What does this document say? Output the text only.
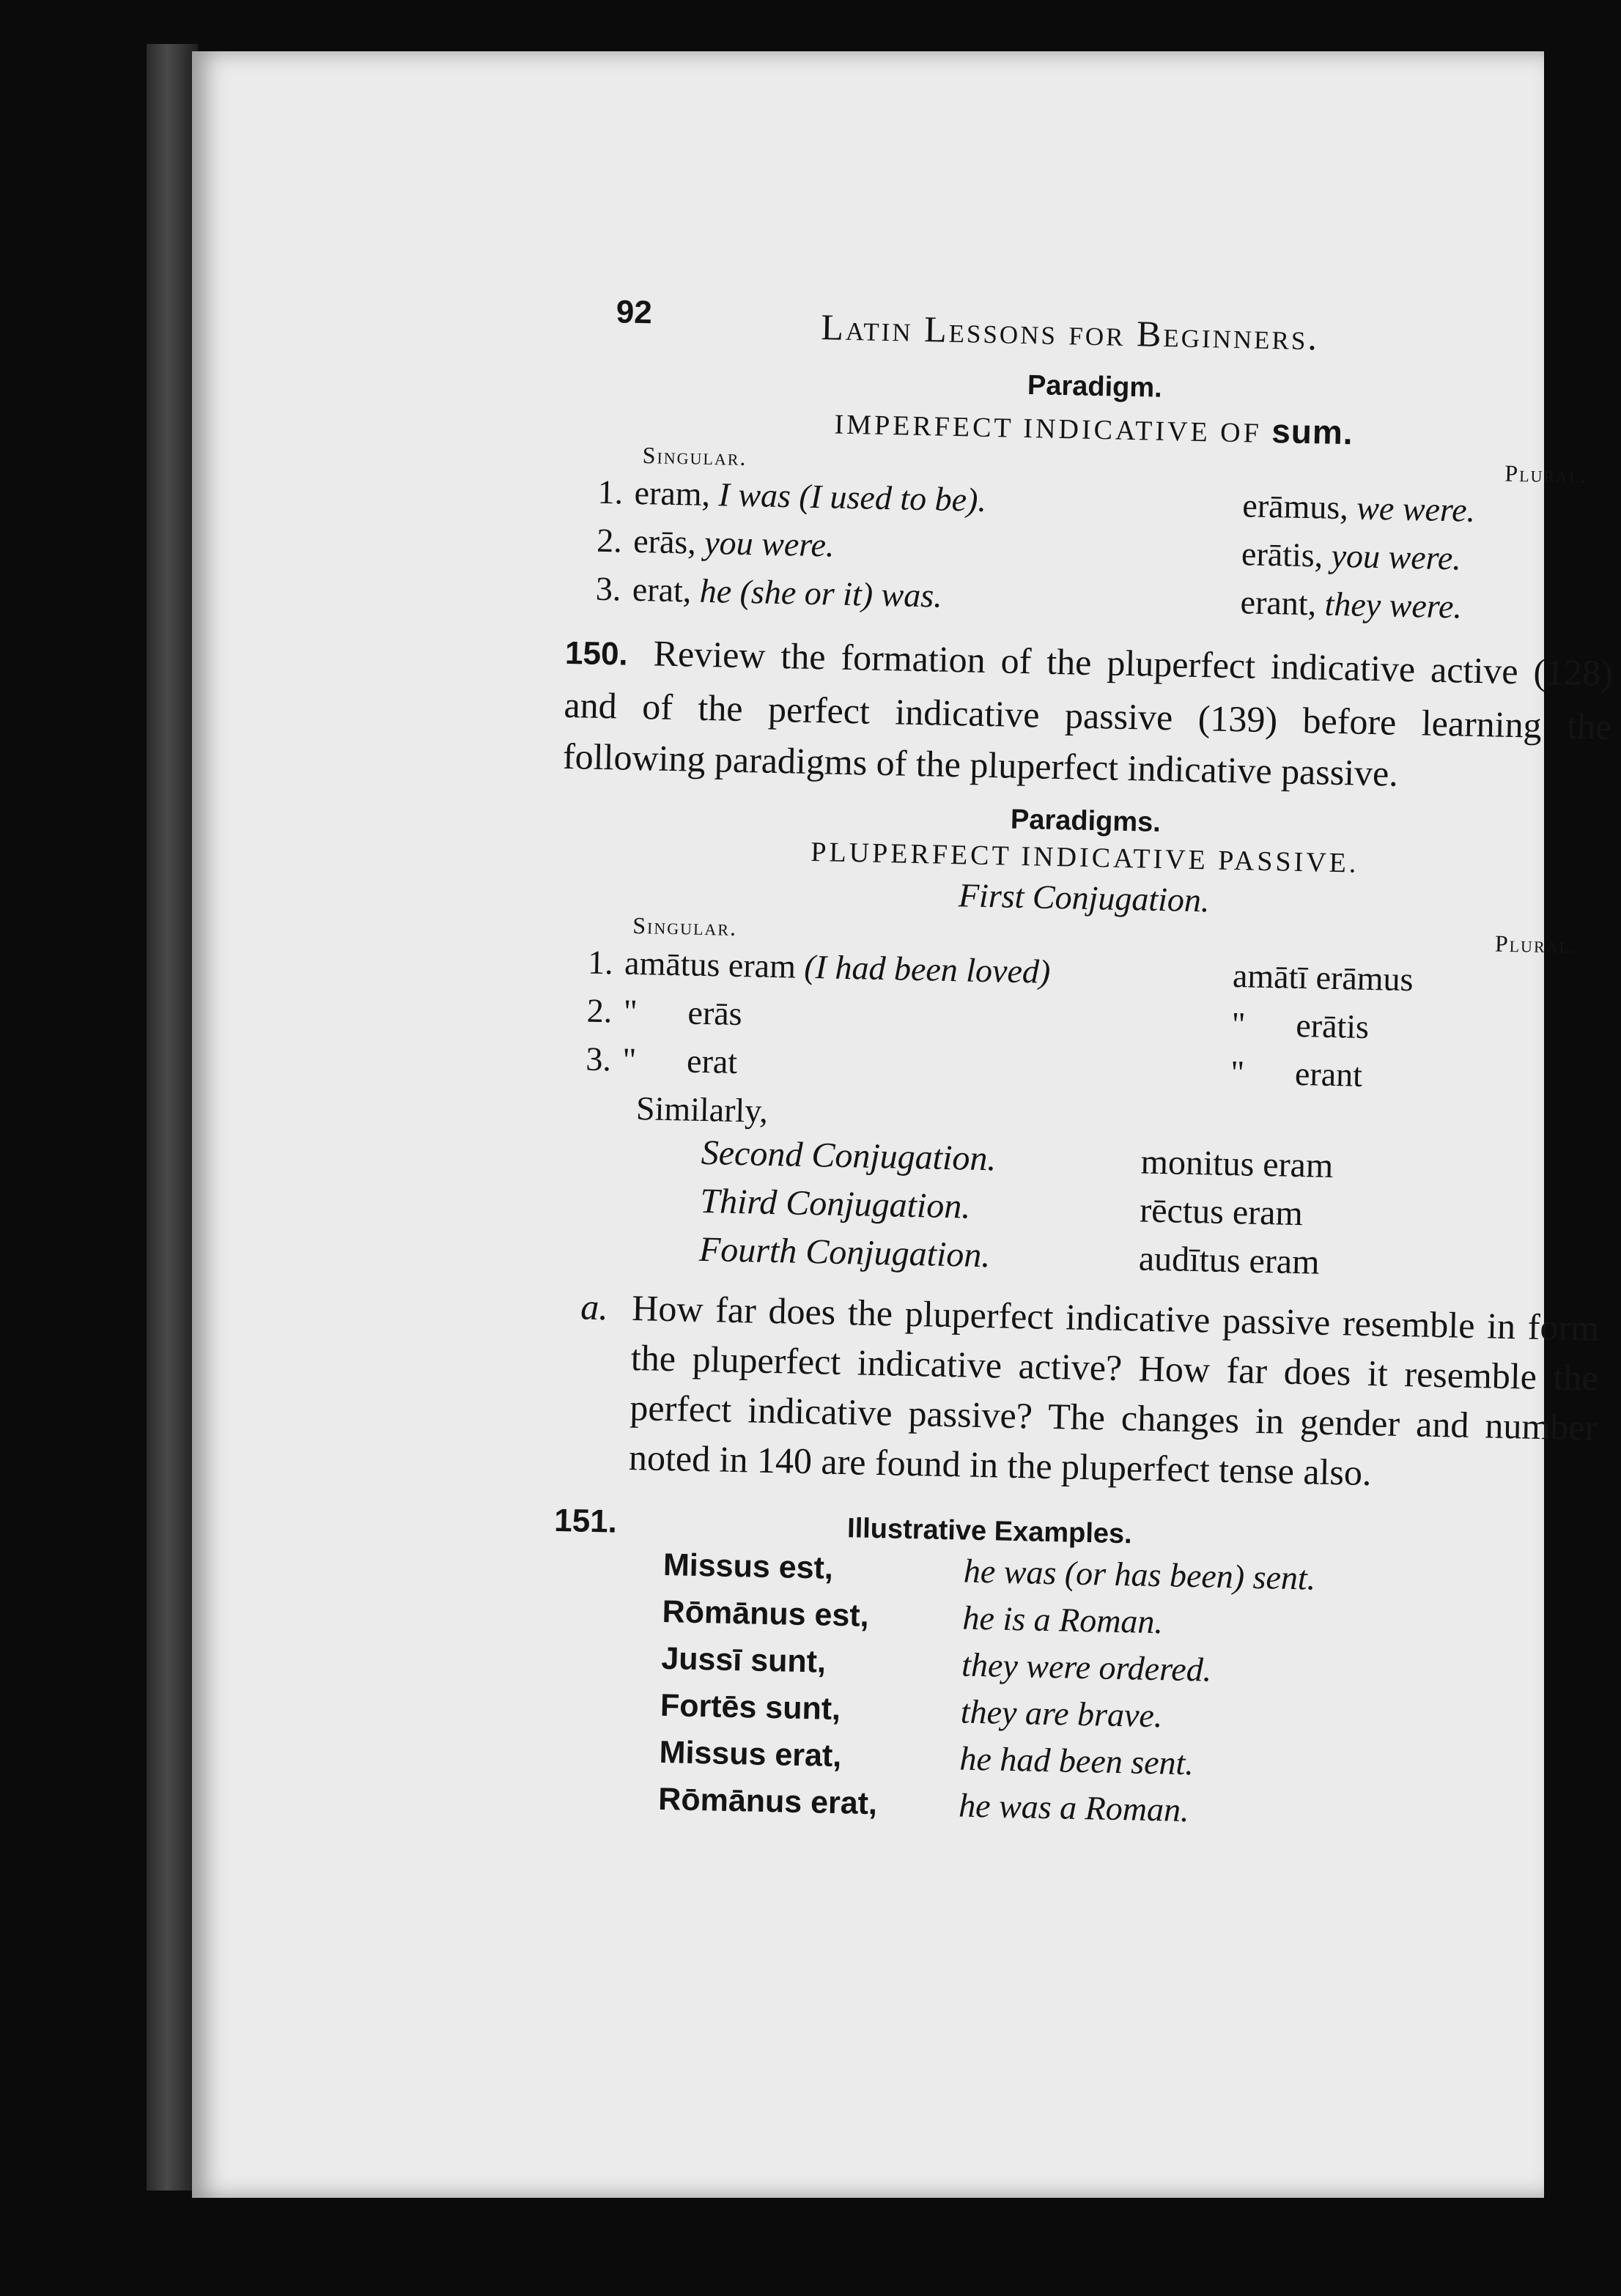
92	Latin Lessons for Beginners.
Paradigm.
IMPERFECT INDICATIVE OF sum.
Singular.
Plural.
1. eram, I was (I used to be).	erāmus, we were.
2. erās, you were.	erātis, you were.
3. erat, he (she or it) was.	erant, they were.

150. Review the formation of the pluperfect indicative active (128) and of the perfect indicative passive (139) before learning the following paradigms of the pluperfect indicative passive.

Paradigms.
PLUPERFECT INDICATIVE PASSIVE.
First Conjugation.
Singular.
Plural.
1. amātus eram (I had been loved)	amātī erāmus
2. "      erās	"      erātis
3. "      erat	"      erant
Similarly,
Second Conjugation.	monitus eram
Third Conjugation.	rēctus eram
Fourth Conjugation.	audītus eram

a. How far does the pluperfect indicative passive resemble in form the pluperfect indicative active? How far does it resemble the perfect indicative passive? The changes in gender and number noted in 140 are found in the pluperfect tense also.

151.	Illustrative Examples.
Missus est,	he was (or has been) sent.
Rōmānus est,	he is a Roman.
Jussī sunt,	they were ordered.
Fortēs sunt,	they are brave.
Missus erat,	he had been sent.
Rōmānus erat,	he was a Roman.
